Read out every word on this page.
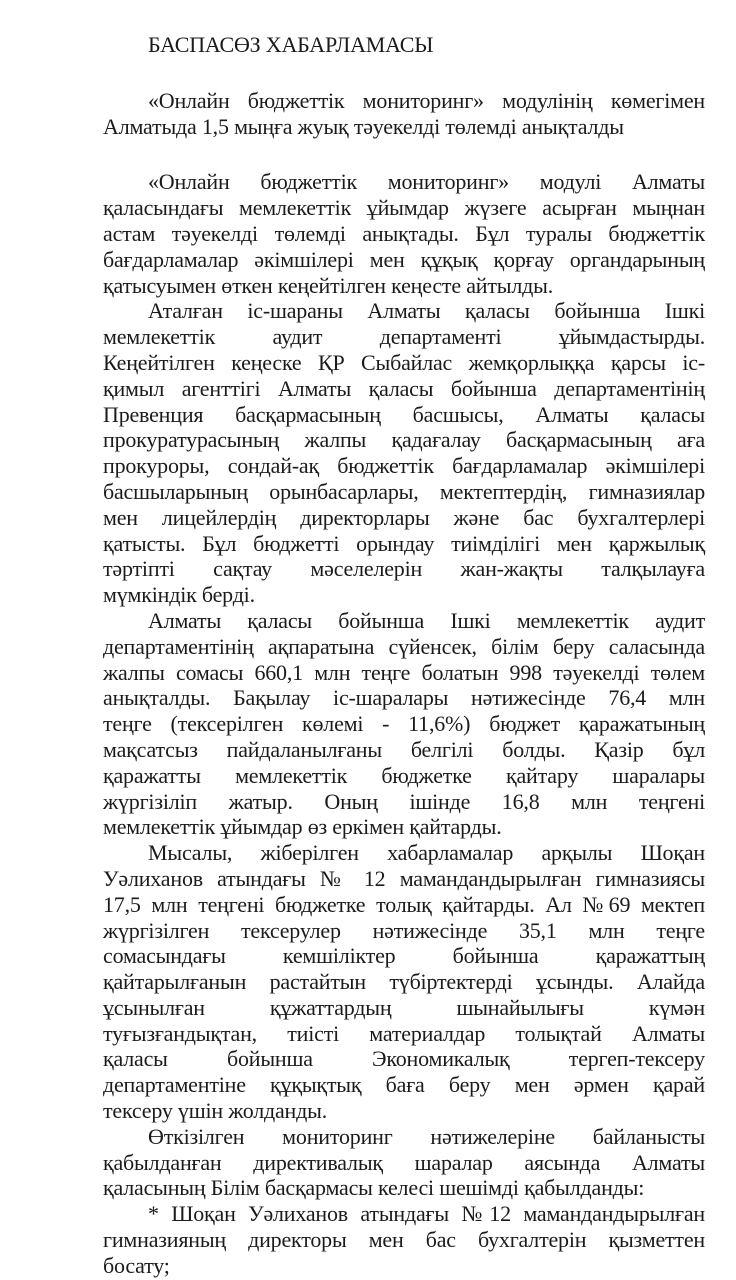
БАСПАСӨЗ ХАБАРЛАМАСЫ
«Онлайн бюджеттік мониторинг» модулінің көмегімен
Алматыда 1,5 мыңға жуық тәуекелді төлемді анықталды
«Онлайн бюджеттік мониторинг» модулі Алматы
қаласындағы мемлекеттік ұйымдар жүзеге асырған мыңнан
астам тәуекелді төлемді анықтады. Бұл туралы бюджеттік
бағдарламалар әкімшілері мен құқық қорғау органдарының
қатысуымен өткен кеңейтілген кеңесте айтылды.
Аталған іс-шараны Алматы қаласы бойынша Ішкі
мемлекеттік аудит департаменті ұйымдастырды.
Кеңейтілген кеңеске ҚР Сыбайлас жемқорлыққа қарсы іс-
қимыл агенттігі Алматы қаласы бойынша департаментінің
Превенция басқармасының басшысы, Алматы қаласы
прокуратурасының жалпы қадағалау басқармасының аға
прокуроры, сондай-ақ бюджеттік бағдарламалар әкімшілері
басшыларының орынбасарлары, мектептердің, гимназиялар
мен лицейлердің директорлары және бас бухгалтерлері
қатысты. Бұл бюджетті орындау тиімділігі мен қаржылық
тәртіпті сақтау мәселелерін жан-жақты талқылауға
мүмкіндік берді.
Алматы қаласы бойынша Ішкі мемлекеттік аудит
департаментінің ақпаратына сүйенсек, білім беру саласында
жалпы сомасы 660,1 млн теңге болатын 998 тәуекелді төлем
анықталды. Бақылау іс-шаралары нәтижесінде 76,4 млн
теңге (тексерілген көлемі - 11,6%) бюджет қаражатының
мақсатсыз пайдаланылғаны белгілі болды. Қазір бұл
қаражатты мемлекеттік бюджетке қайтару шаралары
жүргізіліп жатыр. Оның ішінде 16,8 млн теңгені
мемлекеттік ұйымдар өз еркімен қайтарды.
Мысалы, жіберілген хабарламалар арқылы Шоқан
Уәлиханов атындағы № 12 мамандандырылған гимназиясы
17,5 млн теңгені бюджетке толық қайтарды. Ал №69 мектеп
жүргізілген тексерулер нәтижесінде 35,1 млн теңге
сомасындағы кемшіліктер бойынша қаражаттың
қайтарылғанын растайтын түбіртектерді ұсынды. Алайда
ұсынылған құжаттардың шынайылығы күмән
туғызғандықтан, тиісті материалдар толықтай Алматы
қаласы бойынша Экономикалық тергеп-тексеру
департаментіне құқықтық баға беру мен әрмен қарай
тексеру үшін жолданды.
Өткізілген мониторинг нәтижелеріне байланысты
қабылданған директивалық шаралар аясында Алматы
қаласының Білім басқармасы келесі шешімді қабылданды:
* Шоқан Уәлиханов атындағы №12 мамандандырылған
гимназияның директоры мен бас бухгалтерін қызметтен
босату;
